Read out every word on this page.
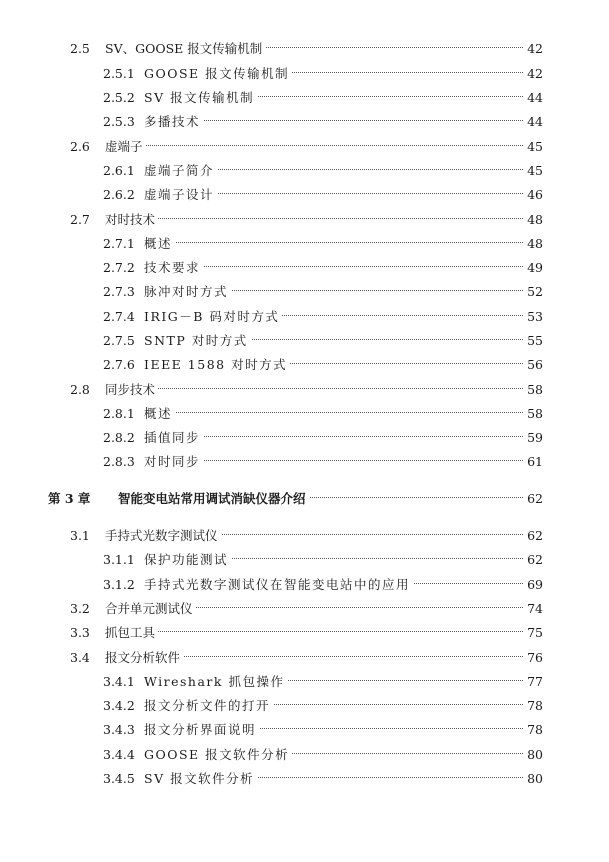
2.5 SV、GOOSE 报文传输机制	42
2.5.1 GOOSE 报文传输机制	42
2.5.2 SV 报文传输机制	44
2.5.3 多播技术	44
2.6 虚端子	45
2.6.1 虚端子简介	45
2.6.2 虚端子设计	46
2.7 对时技术	48
2.7.1 概述	48
2.7.2 技术要求	49
2.7.3 脉冲对时方式	52
2.7.4 IRIG－B 码对时方式	53
2.7.5 SNTP 对时方式	55
2.7.6 IEEE 1588 对时方式	56
2.8 同步技术	58
2.8.1 概述	58
2.8.2 插值同步	59
2.8.3 对时同步	61
第 3 章 智能变电站常用调试消缺仪器介绍	62
3.1 手持式光数字测试仪	62
3.1.1 保护功能测试	62
3.1.2 手持式光数字测试仪在智能变电站中的应用	69
3.2 合并单元测试仪	74
3.3 抓包工具	75
3.4 报文分析软件	76
3.4.1 Wireshark 抓包操作	77
3.4.2 报文分析文件的打开	78
3.4.3 报文分析界面说明	78
3.4.4 GOOSE 报文软件分析	80
3.4.5 SV 报文软件分析	80
